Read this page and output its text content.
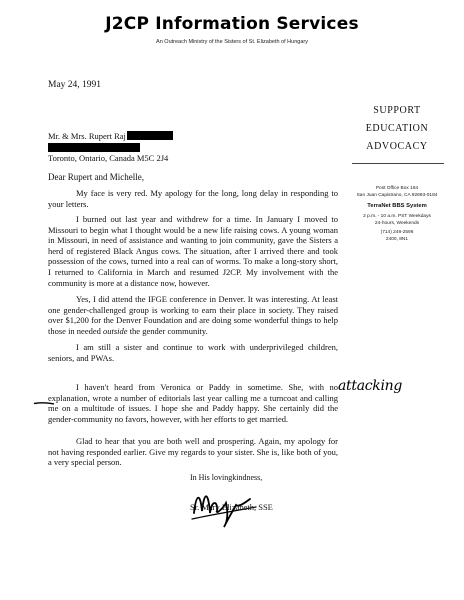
J2CP Information Services
An Outreach Ministry of the Sisters of St. Elizabeth of Hungary
May 24, 1991
SUPPORT
EDUCATION
ADVOCACY
Post Office Box 184
San Juan Capistrano, CA 92693-0184
TerraNet BBS System
2 p.m. - 10 a.m. PST Weekdays
24-hours, Weekends
(714) 248-2596
2400, 8N1
Mr. & Mrs. Rupert Raj

Toronto, Ontario, Canada M5C 2J4
Dear Rupert and Michelle,

My face is very red. My apology for the long, long delay in responding to your letters.

I burned out last year and withdrew for a time. In January I moved to Missouri to begin what I thought would be a new life raising cows. A young woman in Missouri, in need of assistance and wanting to join community, gave the Sisters a herd of registered Black Angus cows. The situation, after I arrived there and took possession of the cows, turned into a real can of worms. To make a long-story short, I returned to California in March and resumed J2CP. My involvement with the community is more at a distance now, however.

Yes, I did attend the IFGE conference in Denver. It was interesting. At least one gender-challenged group is working to earn their place in society. They raised over $1,200 for the Denver Foundation and are doing some wonderful things to help those in needed outside the gender community.

I am still a sister and continue to work with underprivileged children, seniors, and PWAs.

I haven't heard from Veronica or Paddy in sometime. She, with no explanation, wrote a number of editorials last year calling me a turncoat and calling me on a multitude of issues. I hope she and Paddy happy. She certainly did the gender-community no favors, however, with her efforts to get married.

Glad to hear that you are both well and prospering. Again, my apology for not having responded earlier. Give my regards to your sister. She is, like both of you, a very special person.

attacking
In His lovingkindness,
Sr. Mary Elizabeth, SSE
